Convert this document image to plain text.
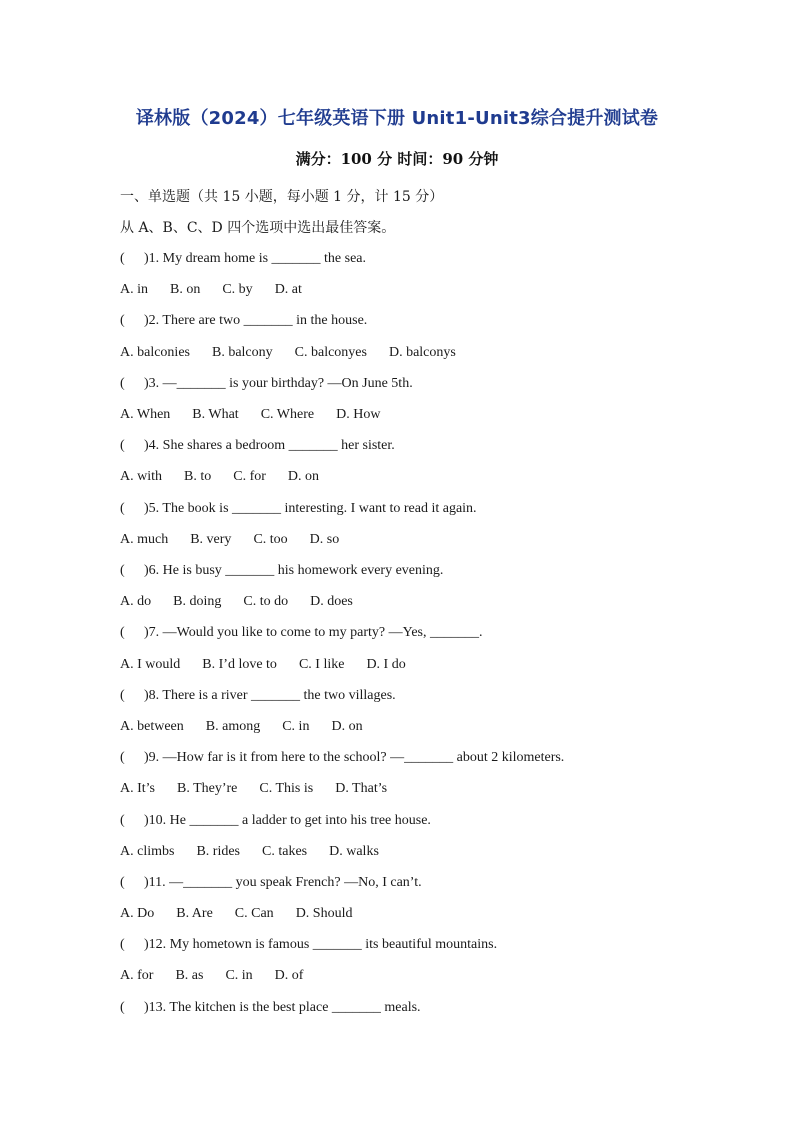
译林版（2024）七年级英语下册 Unit1-Unit3综合提升测试卷
满分：100 分 时间：90 分钟
一、单选题（共 15 小题，每小题 1 分，计 15 分）
从 A、B、C、D 四个选项中选出最佳答案。
( )1. My dream home is _______ the sea.
A. in B. on C. by D. at
( )2. There are two _______ in the house.
A. balconies B. balcony C. balconyes D. balconys
( )3. —_______ is your birthday? —On June 5th.
A. When B. What C. Where D. How
( )4. She shares a bedroom _______ her sister.
A. with B. to C. for D. on
( )5. The book is _______ interesting. I want to read it again.
A. much B. very C. too D. so
( )6. He is busy _______ his homework every evening.
A. do B. doing C. to do D. does
( )7. —Would you like to come to my party? —Yes, _______.
A. I would B. I’d love to C. I like D. I do
( )8. There is a river _______ the two villages.
A. between B. among C. in D. on
( )9. —How far is it from here to the school? —_______ about 2 kilometers.
A. It’s B. They’re C. This is D. That’s
( )10. He _______ a ladder to get into his tree house.
A. climbs B. rides C. takes D. walks
( )11. —_______ you speak French? —No, I can’t.
A. Do B. Are C. Can D. Should
( )12. My hometown is famous _______ its beautiful mountains.
A. for B. as C. in D. of
( )13. The kitchen is the best place _______ meals.
